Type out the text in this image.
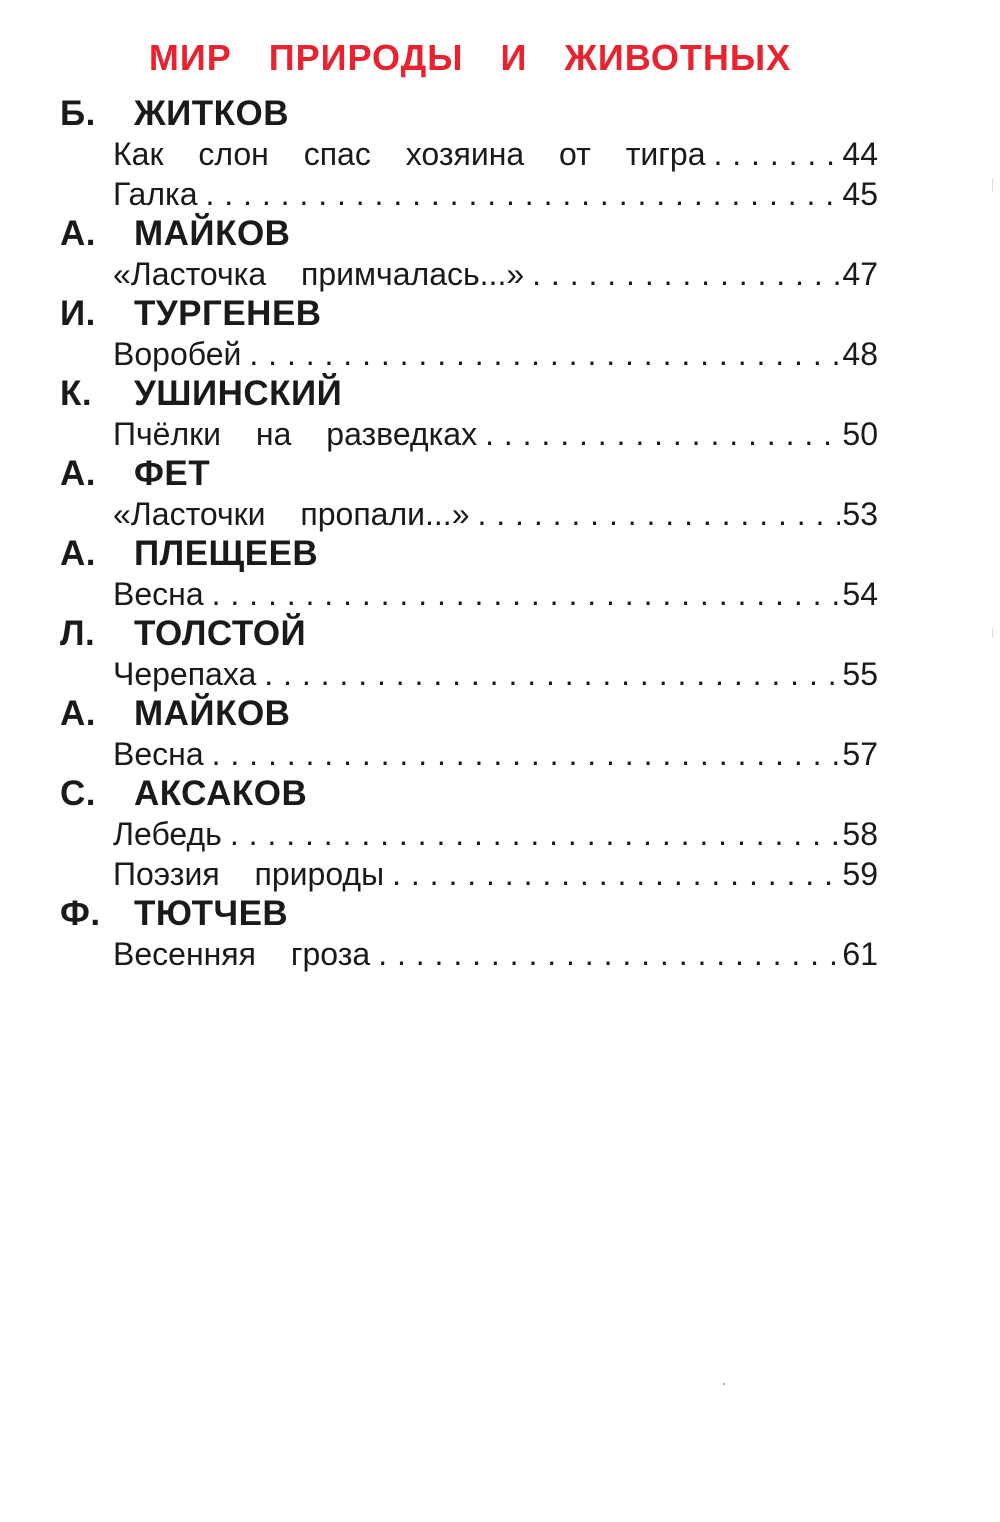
МИР ПРИРОДЫ И ЖИВОТНЫХ
Б. ЖИТКОВ
Как слон спас хозяина от тигра . . .	44
Галка . . .	45
А. МАЙКОВ
«Ласточка примчалась...» . . .	47
И. ТУРГЕНЕВ
Воробей . . .	48
К. УШИНСКИЙ
Пчёлки на разведках . . .	50
А. ФЕТ
«Ласточки пропали...» . . .	53
А. ПЛЕЩЕЕВ
Весна . . .	54
Л. ТОЛСТОЙ
Черепаха . . .	55
А. МАЙКОВ
Весна . . .	57
С. АКСАКОВ
Лебедь . . .	58
Поэзия природы . . .	59
Ф. ТЮТЧЕВ
Весенняя гроза . . .	61
